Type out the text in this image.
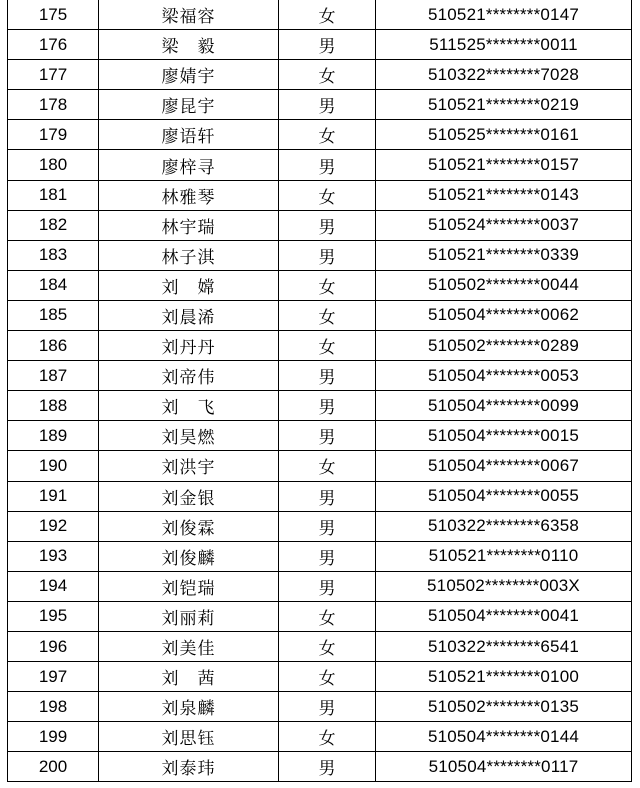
175	梁福容	女	510521********0147
176	梁　毅	男	511525********0011
177	廖婧宇	女	510322********7028
178	廖昆宇	男	510521********0219
179	廖语轩	女	510525********0161
180	廖梓寻	男	510521********0157
181	林雅琴	女	510521********0143
182	林宇瑞	男	510524********0037
183	林子淇	男	510521********0339
184	刘　嫦	女	510502********0044
185	刘晨浠	女	510504********0062
186	刘丹丹	女	510502********0289
187	刘帝伟	男	510504********0053
188	刘　飞	男	510504********0099
189	刘昊燃	男	510504********0015
190	刘洪宇	女	510504********0067
191	刘金银	男	510504********0055
192	刘俊霖	男	510322********6358
193	刘俊麟	男	510521********0110
194	刘铠瑞	男	510502********003X
195	刘丽莉	女	510504********0041
196	刘美佳	女	510322********6541
197	刘　茜	女	510521********0100
198	刘泉麟	男	510502********0135
199	刘思钰	女	510504********0144
200	刘泰玮	男	510504********0117
